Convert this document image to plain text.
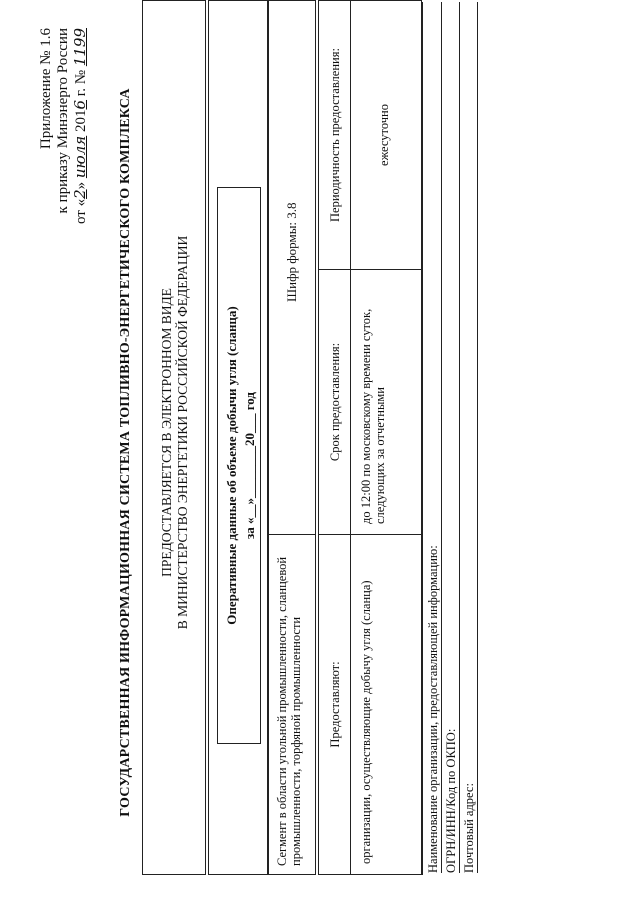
Приложение № 1.6 к приказу Минэнерго России от «2» июля 2016 г. № 1199
ГОСУДАРСТВЕННАЯ ИНФОРМАЦИОННАЯ СИСТЕМА ТОПЛИВНО-ЭНЕРГЕТИЧЕСКОГО КОМПЛЕКСА ПРЕДОСТАВЛЯЕТСЯ В ЭЛЕКТРОННОМ ВИДЕ В МИНИСТЕРСТВО ЭНЕРГЕТИКИ РОССИЙСКОЙ ФЕДЕРАЦИИ	Оперативные данные об объеме добычи угля (сланца) за «__»________20___ год
Сегмент в области угольной промышленности, сланцевой промышленности, торфяной промышленности
Шифр формы: 3.8
Предоставляют:
Срок предоставления:
Периодичность предоставления:
организации, осуществляющие добычу угля (сланца)
до 12:00 по московскому времени суток, следующих за отчетными
ежесуточно
Наименование организации, предоставляющей информацию: ОГРН/ИНН/Код по ОКПО: Почтовый адрес:
